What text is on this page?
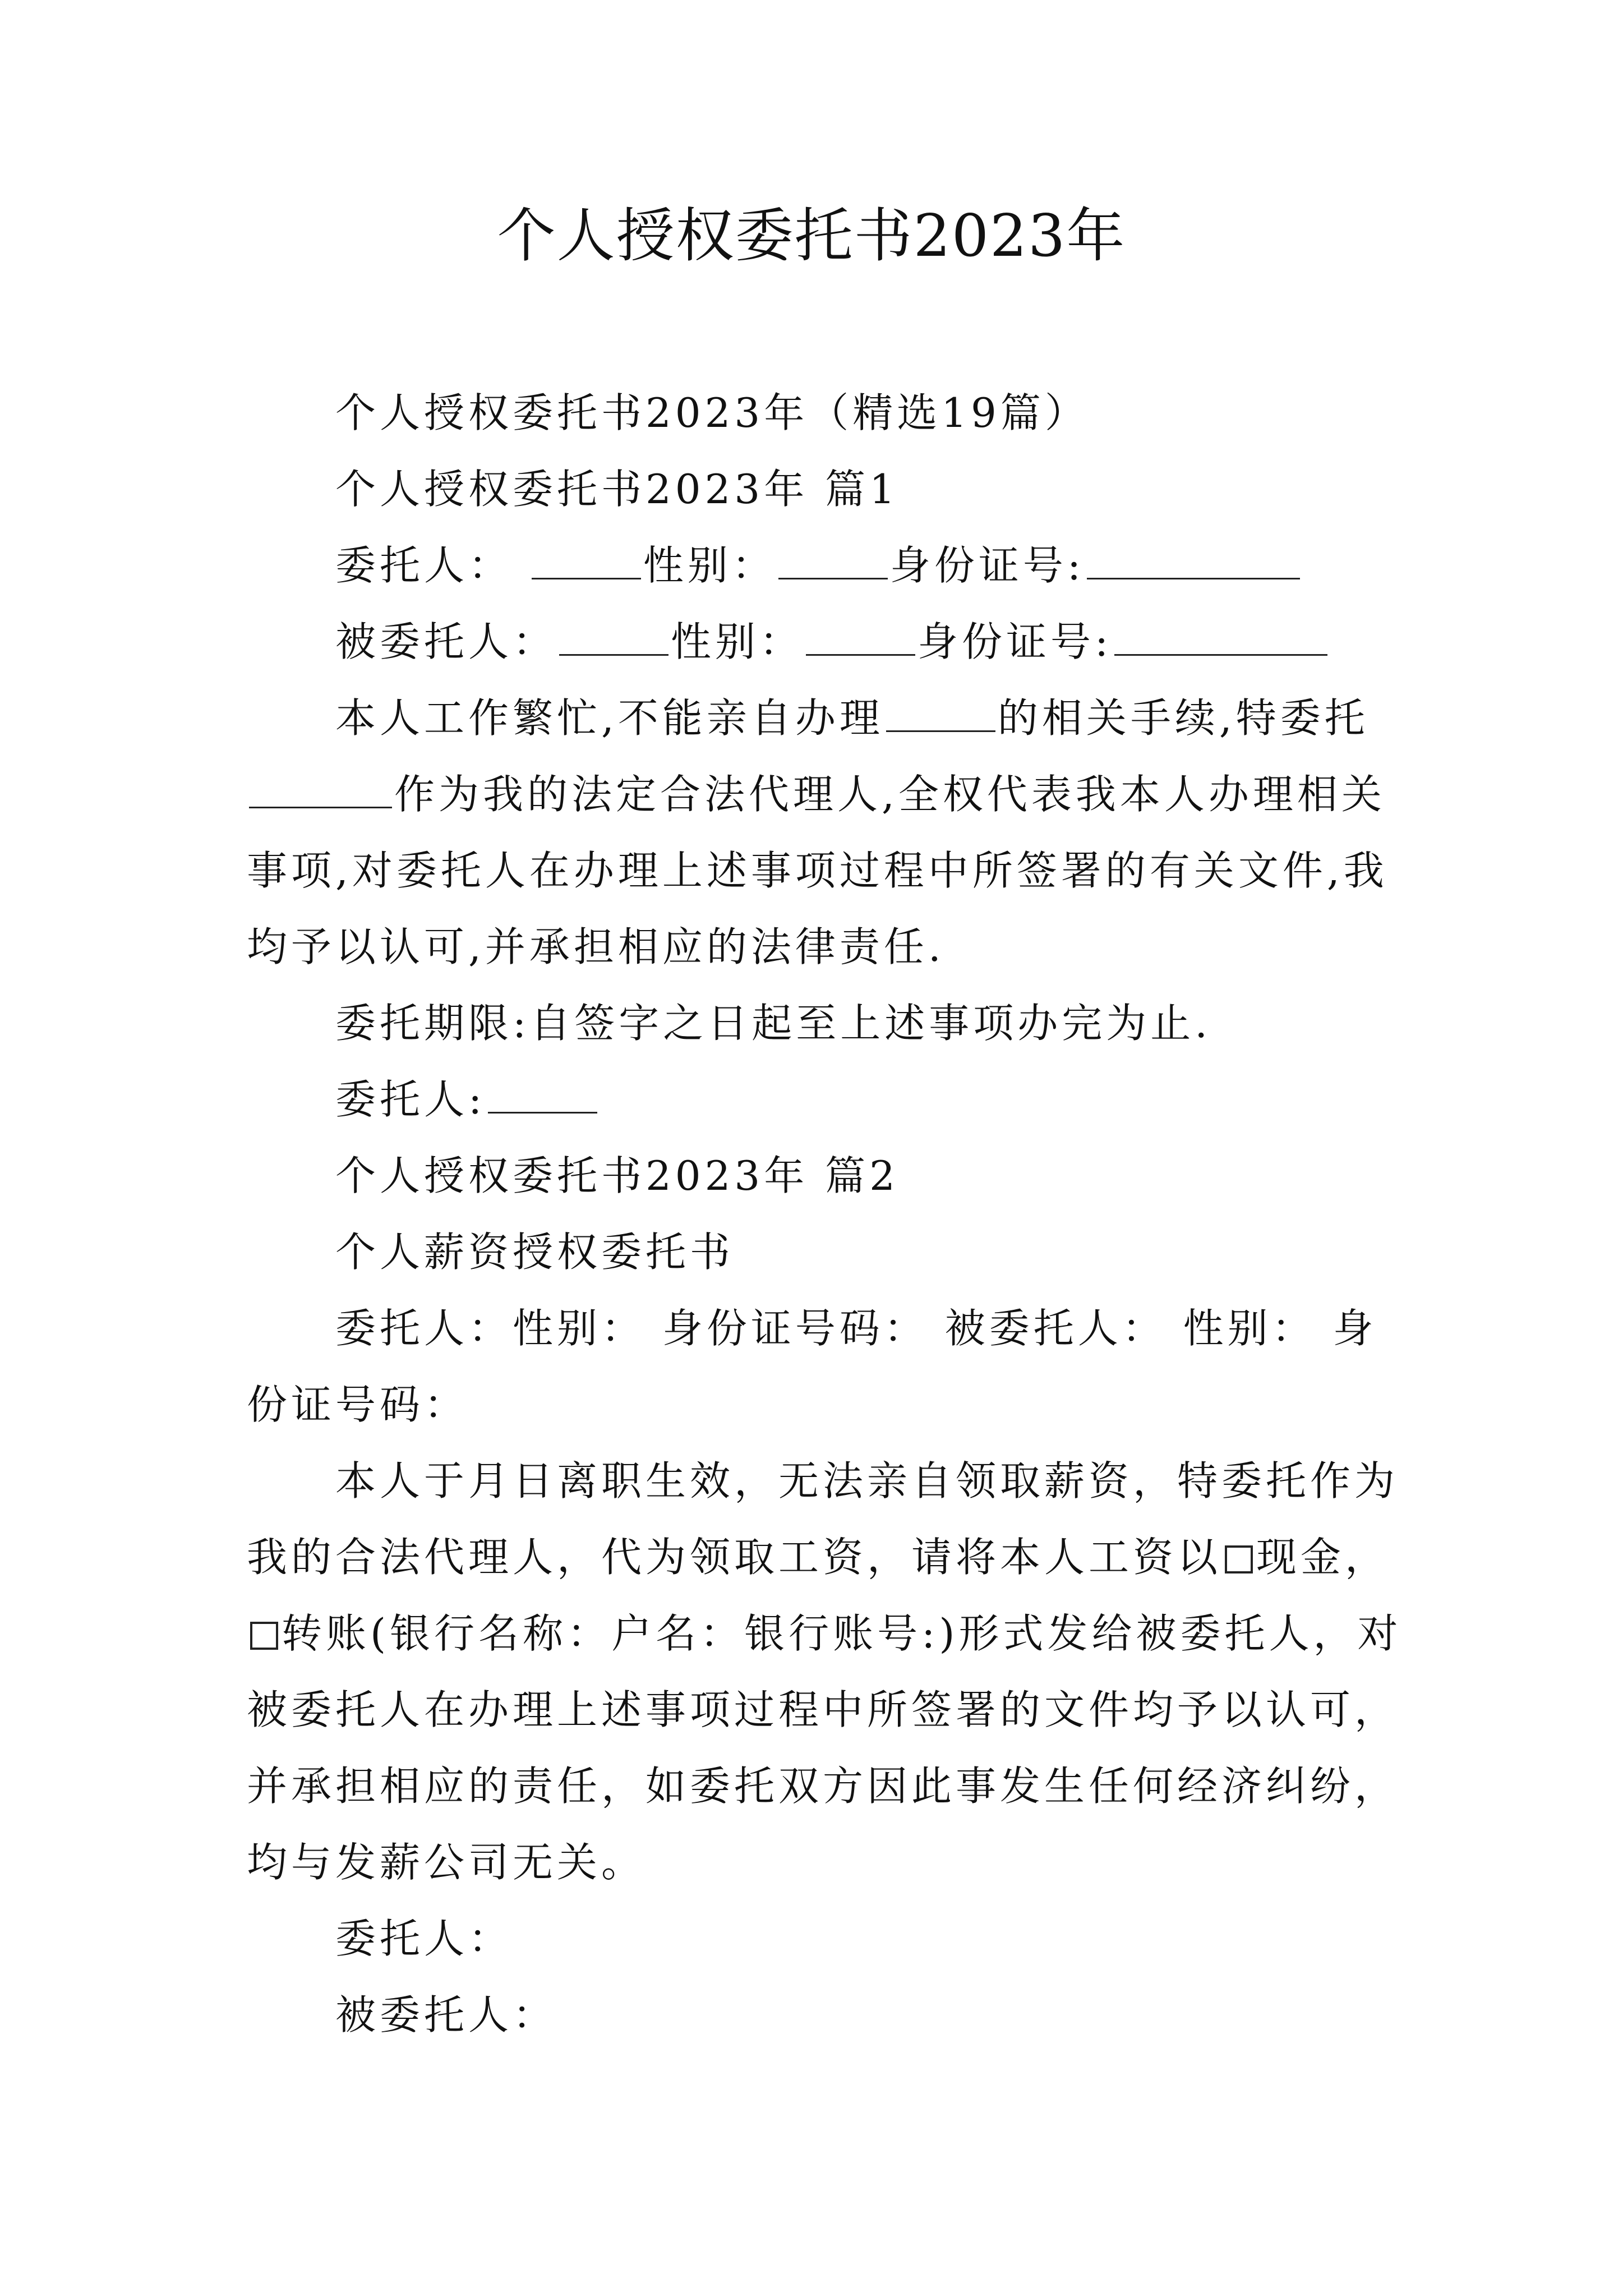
个人授权委托书2023年

个人授权委托书2023年（精选19篇）

个人授权委托书2023年 篇1

委托人：	性别：	身份证号:

被委托人：	性别：	身份证号:

本人工作繁忙,不能亲自办理	的相关手续,特委托作为我的法定合法代理人,全权代表我本人办理相关事项,对委托人在办理上述事项过程中所签署的有关文件,我均予以认可,并承担相应的法律责任.

委托期限:自签字之日起至上述事项办完为止.

委托人:

个人授权委托书2023年 篇2

个人薪资授权委托书

委托人：性别： 身份证号码： 被委托人： 性别： 身份证号码：

本人于月日离职生效，无法亲自领取薪资，特委托作为我的合法代理人，代为领取工资，请将本人工资以 现金，转账(银行名称：户名：银行账号:)形式发给被委托人，对被委托人在办理上述事项过程中所签署的文件均予以认可，并承担相应的责任，如委托双方因此事发生任何经济纠纷，均与发薪公司无关。

委托人：

被委托人：
